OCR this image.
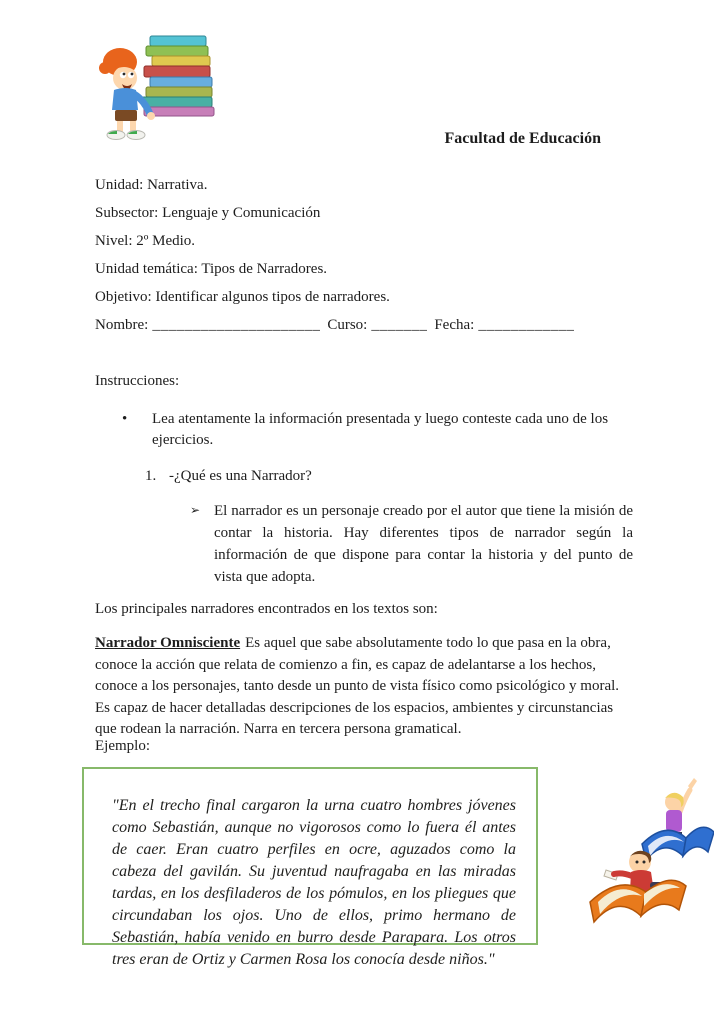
Facultad de Educación

Unidad: Narrativa.

Subsector: Lenguaje y Comunicación

Nivel: 2º Medio.

Unidad temática: Tipos de Narradores.

Objetivo: Identificar algunos tipos de narradores.

Nombre: _____________________ Curso: _______ Fecha: ____________

Instrucciones:

•	Lea atentamente la información presentada y luego conteste cada uno de los ejercicios.
1. -¿Qué es una Narrador?
➢ El narrador es un personaje creado por el autor que tiene la misión de contar la historia. Hay diferentes tipos de narrador según la información de que dispone para contar la historia y del punto de vista que adopta.

Los principales narradores encontrados en los textos son:

Narrador Omnisciente Es aquel que sabe absolutamente todo lo que pasa en la obra, conoce la acción que relata de comienzo a fin, es capaz de adelantarse a los hechos, conoce a los personajes, tanto desde un punto de vista físico como psicológico y moral. Es capaz de hacer detalladas descripciones de los espacios, ambientes y circunstancias que rodean la narración. Narra en tercera persona gramatical.

Ejemplo:

"En el trecho final cargaron la urna cuatro hombres jóvenes como Sebastián, aunque no vigorosos como lo fuera él antes de caer. Eran cuatro perfiles en ocre, aguzados como la cabeza del gavilán. Su juventud naufragaba en las miradas tardas, en los desfiladeros de los pómulos, en los pliegues que circundaban los ojos. Uno de ellos, primo hermano de Sebastián, había venido en burro desde Parapara. Los otros tres eran de Ortiz y Carmen Rosa los conocía desde niños."
